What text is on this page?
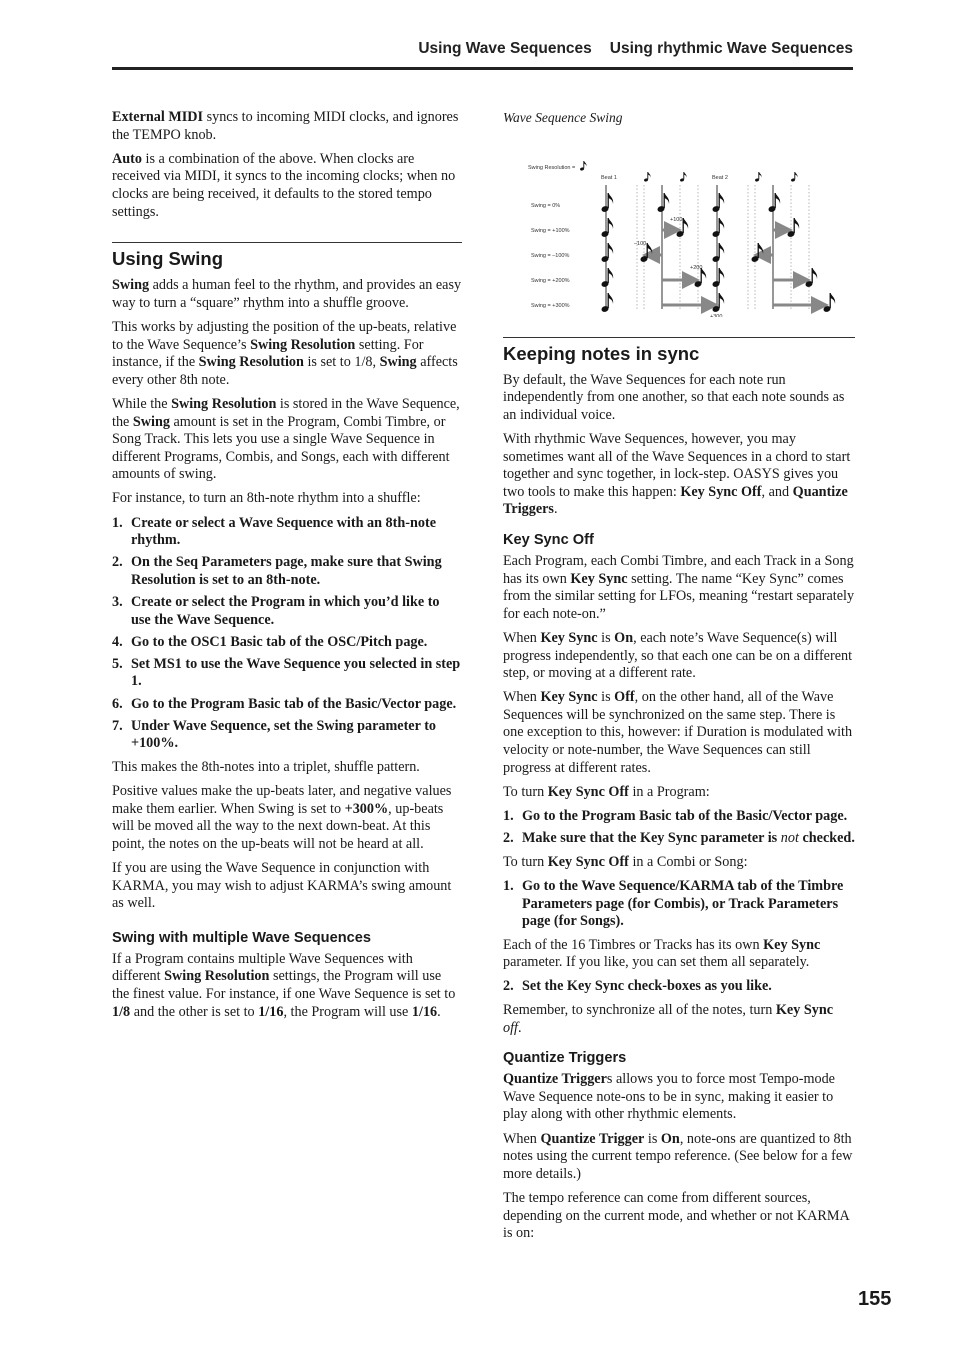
Using Wave Sequences Using rhythmic Wave Sequences

External MIDI syncs to incoming MIDI clocks, and ignores the TEMPO knob.

Auto is a combination of the above. When clocks are received via MIDI, it syncs to the incoming clocks; when no clocks are being received, it defaults to the stored tempo settings.

Using Swing

Swing adds a human feel to the rhythm, and provides an easy way to turn a “square” rhythm into a shuffle groove.

This works by adjusting the position of the up-beats, relative to the Wave Sequence’s Swing Resolution setting. For instance, if the Swing Resolution is set to 1/8, Swing affects every other 8th note.

While the Swing Resolution is stored in the Wave Sequence, the Swing amount is set in the Program, Combi Timbre, or Song Track. This lets you use a single Wave Sequence in different Programs, Combis, and Songs, each with different amounts of swing.

For instance, to turn an 8th-note rhythm into a shuffle:

1. Create or select a Wave Sequence with an 8th-note rhythm.
2. On the Seq Parameters page, make sure that Swing Resolution is set to an 8th-note.
3. Create or select the Program in which you’d like to use the Wave Sequence.
4. Go to the OSC1 Basic tab of the OSC/Pitch page.
5. Set MS1 to use the Wave Sequence you selected in step 1.
6. Go to the Program Basic tab of the Basic/Vector page.
7. Under Wave Sequence, set the Swing parameter to +100%.

This makes the 8th-notes into a triplet, shuffle pattern.

Positive values make the up-beats later, and negative values make them earlier. When Swing is set to +300%, up-beats will be moved all the way to the next down-beat. At this point, the notes on the up-beats will not be heard at all.

If you are using the Wave Sequence in conjunction with KARMA, you may wish to adjust KARMA’s swing amount as well.

Swing with multiple Wave Sequences

If a Program contains multiple Wave Sequences with different Swing Resolution settings, the Program will use the finest value. For instance, if one Wave Sequence is set to 1/8 and the other is set to 1/16, the Program will use 1/16.

Wave Sequence Swing
Swing Resolution =
Beat 1	Beat 2
Swing = 0%
Swing = +100%
+100
Swing = –100%
–100
Swing = +200%
+200
Swing = +300%
+300
Keeping notes in sync

By default, the Wave Sequences for each note run independently from one another, so that each note sounds as an individual voice.

With rhythmic Wave Sequences, however, you may sometimes want all of the Wave Sequences in a chord to start together and sync together, in lock-step. OASYS gives you two tools to make this happen: Key Sync Off, and Quantize Triggers.

Key Sync Off

Each Program, each Combi Timbre, and each Track in a Song has its own Key Sync setting. The name “Key Sync” comes from the similar setting for LFOs, meaning “restart separately for each note-on.”

When Key Sync is On, each note’s Wave Sequence(s) will progress independently, so that each one can be on a different step, or moving at a different rate.

When Key Sync is Off, on the other hand, all of the Wave Sequences will be synchronized on the same step. There is one exception to this, however: if Duration is modulated with velocity or note-number, the Wave Sequences can still progress at different rates.

To turn Key Sync Off in a Program:

1. Go to the Program Basic tab of the Basic/Vector page.
2. Make sure that the Key Sync parameter is not checked.

To turn Key Sync Off in a Combi or Song:

1. Go to the Wave Sequence/KARMA tab of the Timbre Parameters page (for Combis), or Track Parameters page (for Songs).

Each of the 16 Timbres or Tracks has its own Key Sync parameter. If you like, you can set them all separately.

2. Set the Key Sync check-boxes as you like.

Remember, to synchronize all of the notes, turn Key Sync off.

Quantize Triggers

Quantize Triggers allows you to force most Tempo-mode Wave Sequence note-ons to be in sync, making it easier to play along with other rhythmic elements.

When Quantize Trigger is On, note-ons are quantized to 8th notes using the current tempo reference. (See below for a few more details.)

The tempo reference can come from different sources, depending on the current mode, and whether or not KARMA is on:

155
